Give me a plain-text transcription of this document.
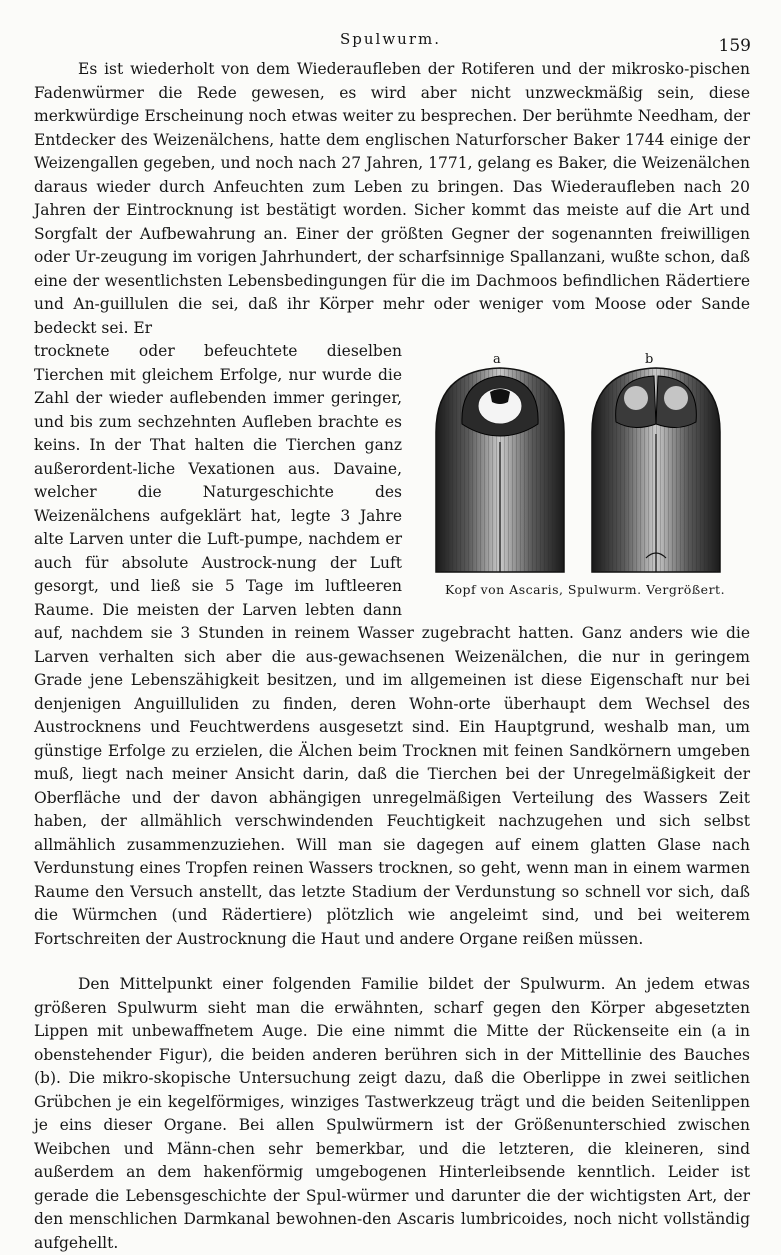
Spulwurm.	159

Es ist wiederholt von dem Wiederaufleben der Rotiferen und der mikrosko-pischen Fadenwürmer die Rede gewesen, es wird aber nicht unzweckmäßig sein, diese merkwürdige Erscheinung noch etwas weiter zu besprechen. Der berühmte Needham, der Entdecker des Weizenälchens, hatte dem englischen Naturforscher Baker 1744 einige der Weizengallen gegeben, und noch nach 27 Jahren, 1771, gelang es Baker, die Weizenälchen daraus wieder durch Anfeuchten zum Leben zu bringen. Das Wiederaufleben nach 20 Jahren der Eintrocknung ist bestätigt worden. Sicher kommt das meiste auf die Art und Sorgfalt der Aufbewahrung an. Einer der größten Gegner der sogenannten freiwilligen oder Ur-zeugung im vorigen Jahrhundert, der scharfsinnige Spallanzani, wußte schon, daß eine der wesentlichsten Lebensbedingungen für die im Dachmoos befindlichen Rädertiere und An-guillulen die sei, daß ihr Körper mehr oder weniger vom Moose oder Sande bedeckt sei. Er

a	b
Kopf von Ascaris, Spulwurm. Vergrößert.

trocknete oder befeuchtete dieselben Tierchen mit gleichem Erfolge, nur wurde die Zahl der wieder auflebenden immer geringer, und bis zum sechzehnten Aufleben brachte es keins. In der That halten die Tierchen ganz außerordent-liche Vexationen aus. Davaine, welcher die Naturgeschichte des Weizenälchens aufgeklärt hat, legte 3 Jahre alte Larven unter die Luft-pumpe, nachdem er auch für absolute Austrock-nung der Luft gesorgt, und ließ sie 5 Tage im luftleeren Raume. Die meisten der Larven lebten dann auf, nachdem sie 3 Stunden in reinem Wasser zugebracht hatten. Ganz anders wie die Larven verhalten sich aber die aus-gewachsenen Weizenälchen, die nur in geringem Grade jene Lebenszähigkeit besitzen, und im allgemeinen ist diese Eigenschaft nur bei denjenigen Anguilluliden zu finden, deren Wohn-orte überhaupt dem Wechsel des Austrocknens und Feuchtwerdens ausgesetzt sind. Ein Hauptgrund, weshalb man, um günstige Erfolge zu erzielen, die Älchen beim Trocknen mit feinen Sandkörnern umgeben muß, liegt nach meiner Ansicht darin, daß die Tierchen bei der Unregelmäßigkeit der Oberfläche und der davon abhängigen unregelmäßigen Verteilung des Wassers Zeit haben, der allmählich verschwindenden Feuchtigkeit nachzugehen und sich selbst allmählich zusammenzuziehen. Will man sie dagegen auf einem glatten Glase nach Verdunstung eines Tropfen reinen Wassers trocknen, so geht, wenn man in einem warmen Raume den Versuch anstellt, das letzte Stadium der Verdunstung so schnell vor sich, daß die Würmchen (und Rädertiere) plötzlich wie angeleimt sind, und bei weiterem Fortschreiten der Austrocknung die Haut und andere Organe reißen müssen.

Den Mittelpunkt einer folgenden Familie bildet der Spulwurm. An jedem etwas größeren Spulwurm sieht man die erwähnten, scharf gegen den Körper abgesetzten Lippen mit unbewaffnetem Auge. Die eine nimmt die Mitte der Rückenseite ein (a in obenstehender Figur), die beiden anderen berühren sich in der Mittellinie des Bauches (b). Die mikro-skopische Untersuchung zeigt dazu, daß die Oberlippe in zwei seitlichen Grübchen je ein kegelförmiges, winziges Tastwerkzeug trägt und die beiden Seitenlippen je eins dieser Organe. Bei allen Spulwürmern ist der Größenunterschied zwischen Weibchen und Männ-chen sehr bemerkbar, und die letzteren, die kleineren, sind außerdem an dem hakenförmig umgebogenen Hinterleibsende kenntlich. Leider ist gerade die Lebensgeschichte der Spul-würmer und darunter die der wichtigsten Art, der den menschlichen Darmkanal bewohnen-den Ascaris lumbricoides, noch nicht vollständig aufgehellt.
